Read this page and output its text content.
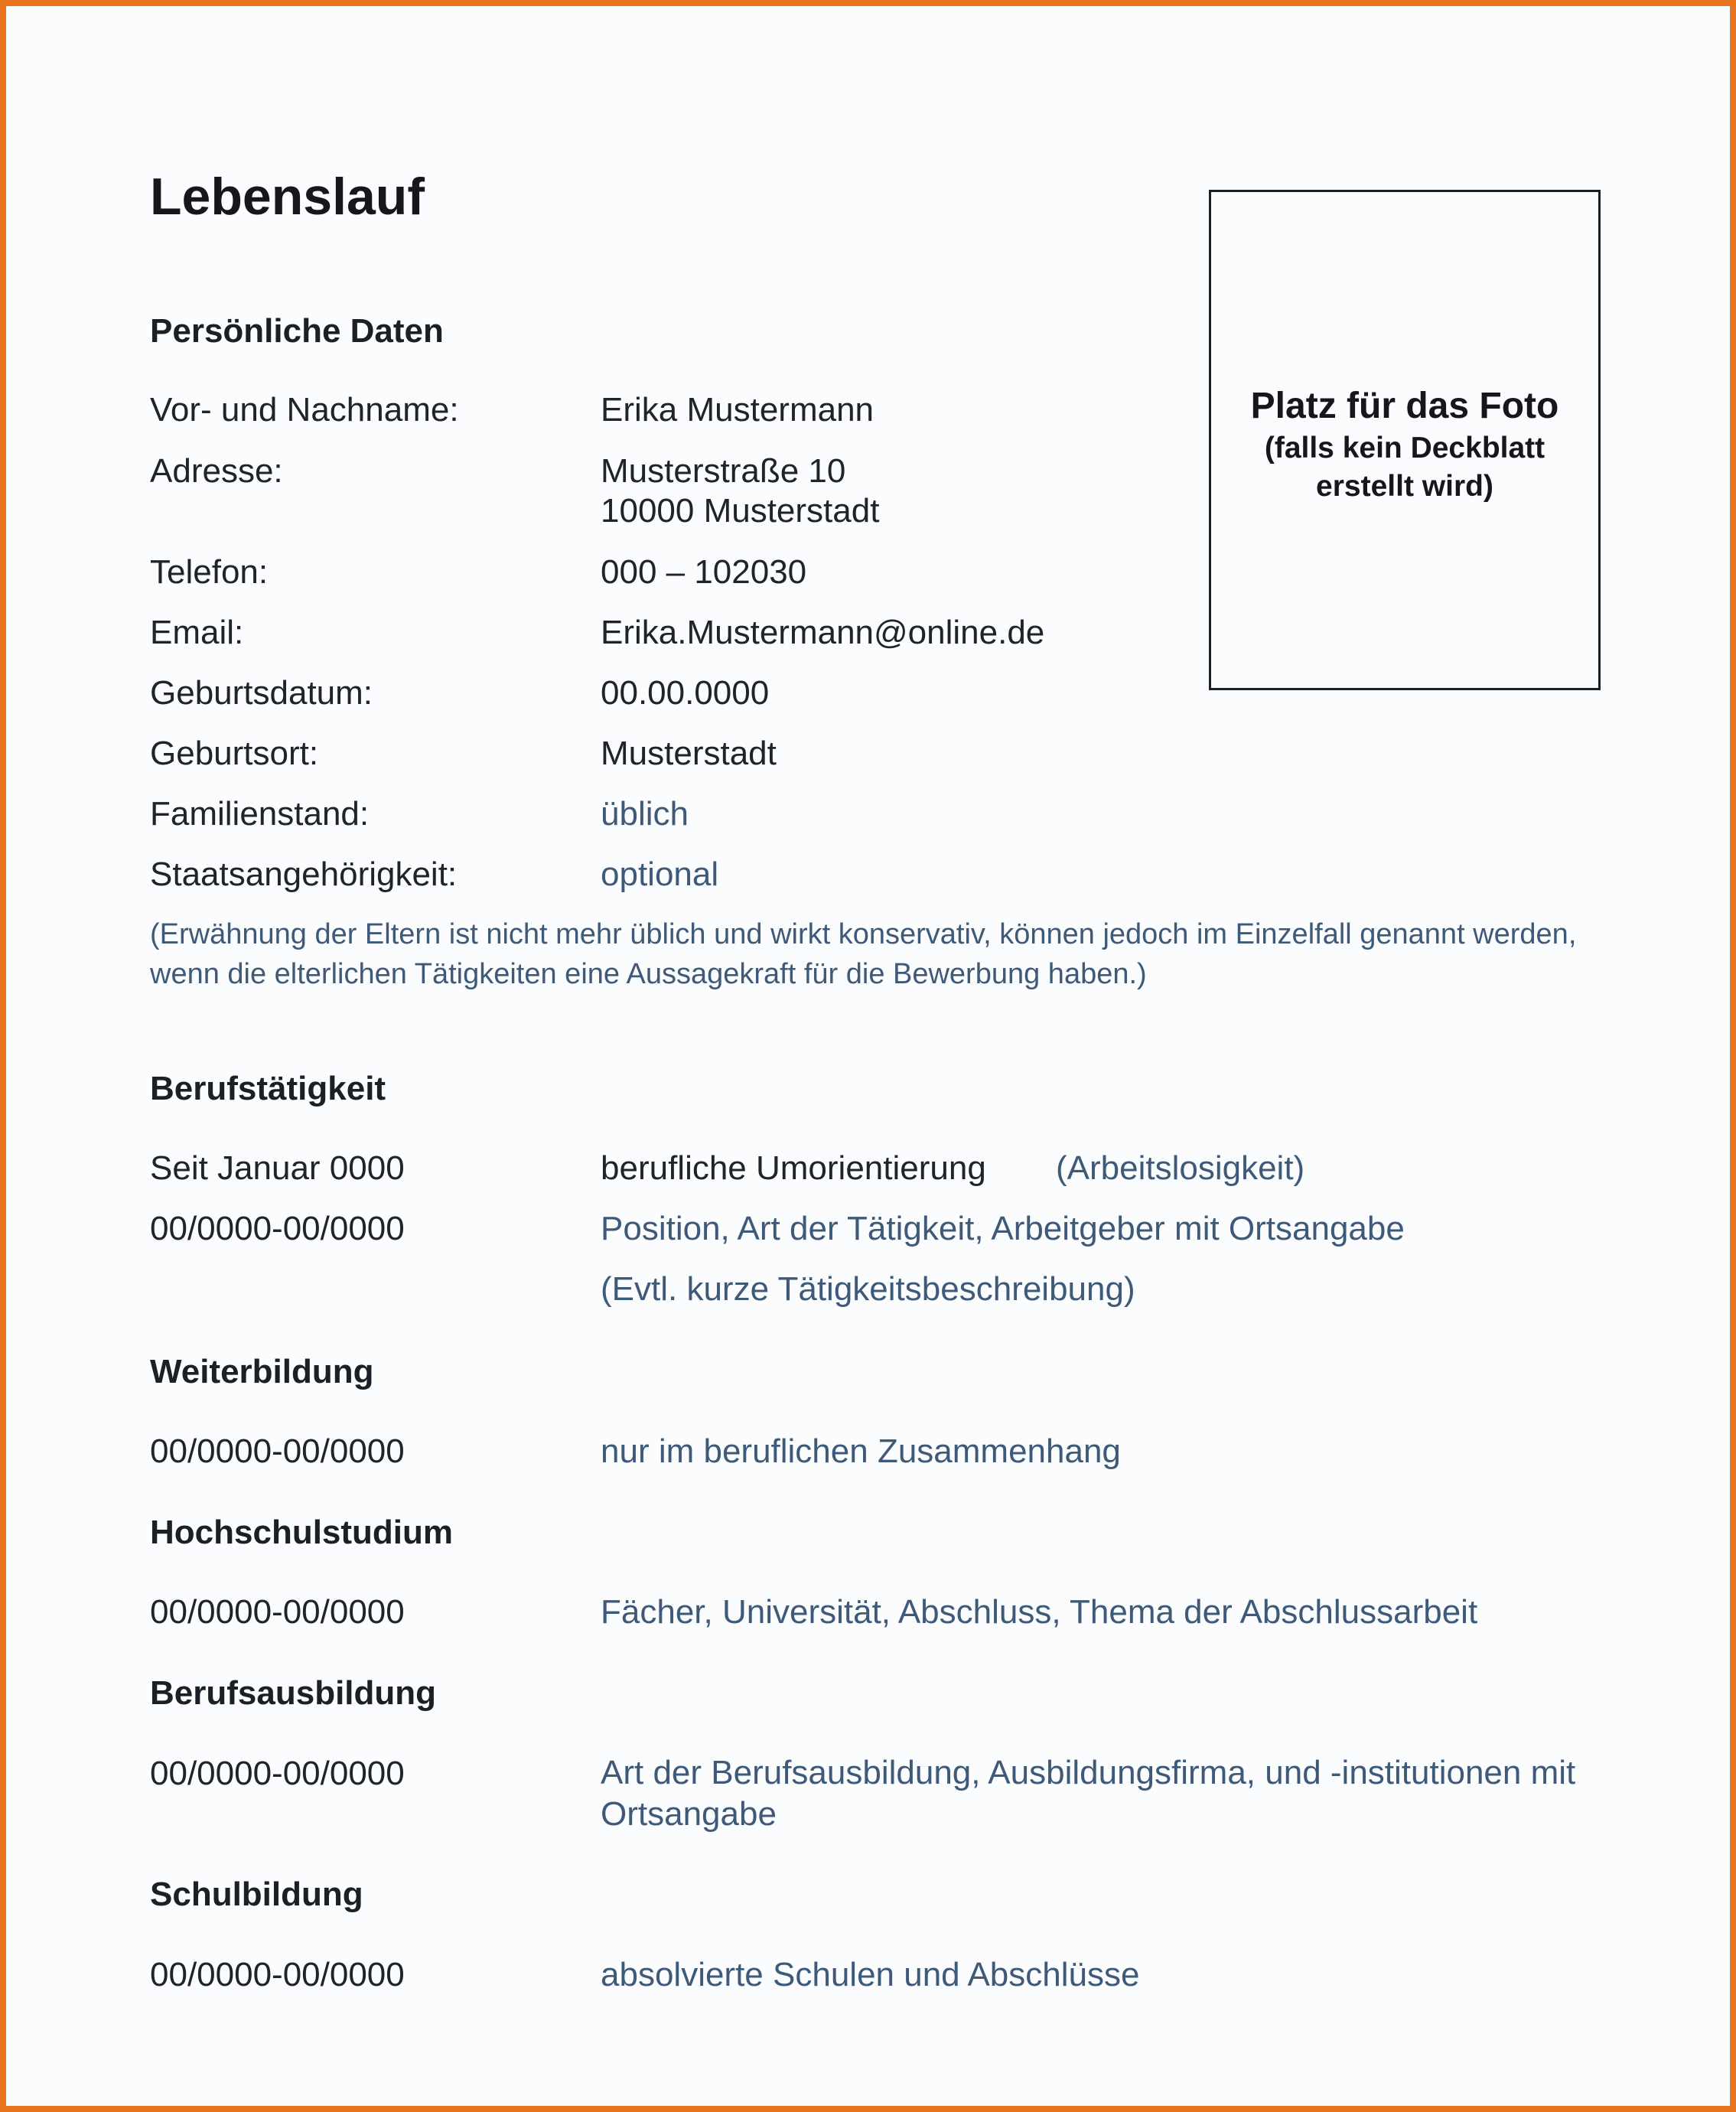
Lebenslauf
Platz für das Foto
(falls kein Deckblatt erstellt wird)
Persönliche Daten
Vor- und Nachname:	Erika Mustermann
Adresse:	Musterstraße 10
10000 Musterstadt
Telefon:	000 – 102030
Email:	Erika.Mustermann@online.de
Geburtsdatum:	00.00.0000
Geburtsort:	Musterstadt
Familienstand:	üblich
Staatsangehörigkeit:	optional
(Erwähnung der Eltern ist nicht mehr üblich und wirkt konservativ, können jedoch im Einzelfall genannt werden, wenn die elterlichen Tätigkeiten eine Aussagekraft für die Bewerbung haben.)
Berufstätigkeit
Seit Januar 0000	berufliche Umorientierung (Arbeitslosigkeit)
00/0000-00/0000	Position, Art der Tätigkeit, Arbeitgeber mit Ortsangabe
(Evtl. kurze Tätigkeitsbeschreibung)
Weiterbildung
00/0000-00/0000	nur im beruflichen Zusammenhang
Hochschulstudium
00/0000-00/0000	Fächer, Universität, Abschluss, Thema der Abschlussarbeit
Berufsausbildung
00/0000-00/0000	Art der Berufsausbildung, Ausbildungsfirma, und -institutionen mit Ortsangabe
Schulbildung
00/0000-00/0000	absolvierte Schulen und Abschlüsse
